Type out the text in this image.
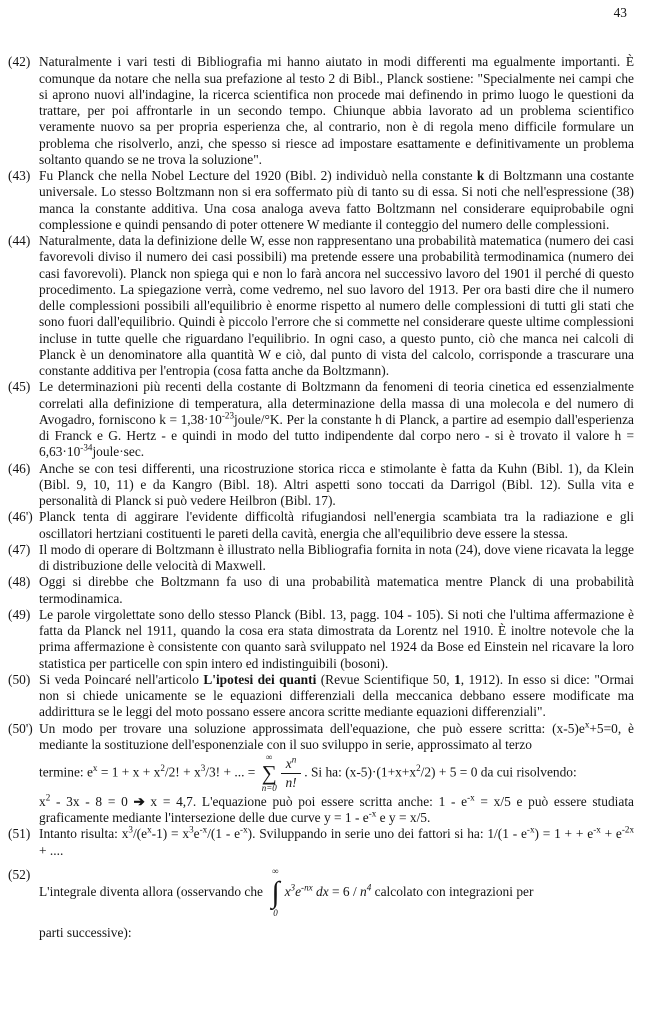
43
(42) Naturalmente i vari testi di Bibliografia mi hanno aiutato in modi differenti ma egualmente importanti. È comunque da notare che nella sua prefazione al testo 2 di Bibl., Planck sostiene: "Specialmente nei campi che si aprono nuovi all'indagine, la ricerca scientifica non procede mai definendo in primo luogo le questioni da trattare, per poi affrontarle in un secondo tempo. Chiunque abbia lavorato ad un problema scientifico veramente nuovo sa per propria esperienza che, al contrario, non è di regola meno difficile formulare un problema che risolverlo, anzi, che spesso si riesce ad impostare esattamente e definitivamente un problema soltanto quando se ne trova la soluzione".
(43) Fu Planck che nella Nobel Lecture del 1920 (Bibl. 2) individuò nella constante k di Boltzmann una costante universale. Lo stesso Boltzmann non si era soffermato più di tanto su di essa. Si noti che nell'espressione (38) manca la constante additiva. Una cosa analoga aveva fatto Boltzmann nel considerare equiprobabile ogni complessione e quindi pensando di poter ottenere W mediante il conteggio del numero delle complessioni.
(44) Naturalmente, data la definizione delle W, esse non rappresentano una probabilità matematica (numero dei casi favorevoli diviso il numero dei casi possibili) ma pretende essere una probabilità termodinamica (numero dei casi favorevoli). Planck non spiega qui e non lo farà ancora nel successivo lavoro del 1901 il perché di questo procedimento. La spiegazione verrà, come vedremo, nel suo lavoro del 1913. Per ora basti dire che il numero delle complessioni possibili all'equilibrio è enorme rispetto al numero delle complessioni di tutti gli stati che sono fuori dall'equilibrio. Quindi è piccolo l'errore che si commette nel considerare queste ultime complessioni incluse in tutte quelle che riguardano l'equilibrio. In ogni caso, a questo punto, ciò che manca nei calcoli di Planck è un denominatore alla quantità W e ciò, dal punto di vista del calcolo, corrisponde a trascurare una constante additiva per l'entropia (cosa fatta anche da Boltzmann).
(45) Le determinazioni più recenti della costante di Boltzmann da fenomeni di teoria cinetica ed essenzialmente correlati alla definizione di temperatura, alla determinazione della massa di una molecola e del numero di Avogadro, forniscono $k = 1,38\cdot 10^{-23}joule/^\circ K$. Per la constante h di Planck, a partire ad esempio dall'esperienza di Franck e G. Hertz - e quindi in modo del tutto indipendente dal corpo nero - si è trovato il valore $h = 6,63\cdot 10^{-34}joule\cdot\sec$.
(46) Anche se con tesi differenti, una ricostruzione storica ricca e stimolante è fatta da Kuhn (Bibl. 1), da Klein (Bibl. 9, 10, 11) e da Kangro (Bibl. 18). Altri aspetti sono toccati da Darrigol (Bibl. 12). Sulla vita e personalità di Planck si può vedere Heilbron (Bibl. 17).
(46') Planck tenta di aggirare l'evidente difficoltà rifugiandosi nell'energia scambiata tra la radiazione e gli oscillatori hertziani costituenti le pareti della cavità, energia che all'equilibrio deve essere la stessa.
(47) Il modo di operare di Boltzmann è illustrato nella Bibliografia fornita in nota (24), dove viene ricavata la legge di distribuzione delle velocità di Maxwell.
(48) Oggi si direbbe che Boltzmann fa uso di una probabilità matematica mentre Planck di una probabilità termodinamica.
(49) Le parole virgolettate sono dello stesso Planck (Bibl. 13, pagg. 104 - 105). Si noti che l'ultima affermazione è fatta da Planck nel 1911, quando la cosa era stata dimostrata da Lorentz nel 1910. È inoltre notevole che la prima affermazione è consistente con quanto sarà sviluppato nel 1924 da Bose ed Einstein nel ricavare la loro statistica per particelle con spin intero ed indistinguibili (bosoni).
(50) Si veda Poincaré nell'articolo L'ipotesi dei quanti (Revue Scientifique 50, 1, 1912). In esso si dice: "Ormai non si chiede unicamente se le equazioni differenziali della meccanica debbano essere modificate ma addirittura se le leggi del moto possano essere ancora scritte mediante equazioni differenziali".
(50') Un modo per trovare una soluzione approssimata dell'equazione, che può essere scritta: $(x-5)e^x+5=0$, è mediante la sostituzione dell'esponenziale con il suo sviluppo in serie, approssimato al terzo
termine: $e^x = 1 + x + x^2/2$! + $x^3/3$! + ... =
∞
∑
$n=0 \frac{x^n}{n!}$ . Si ha: $(x-5)\cdot(1+x+x^2/2) + 5 = 0$ da cui risolvendo:
$x^2 - 3x - 8 = 0$ ➔ x = 4,7. L'equazione può poi essere scritta anche: $1 - e^{-x} = x/5$ e può essere studiata graficamente mediante l'intersezione delle due curve $y = 1 - e^{-x}$ e y = x/5.
(51) Intanto risulta: $x^3/(e^x-1) = x^3e^{-x}/(1 - e^{-x})$. Sviluppando in serie uno dei fattori si ha: $1/(1 - e^{-x}) = 1$ + + $e^{-x} + e^{-2x}$ + ....
(52)
L'integrale diventa allora (osservando che
∞
∫
0
$x^3e^{-nx}$ dx = $6 / n^4$ calcolato con integrazioni per
parti successive):
